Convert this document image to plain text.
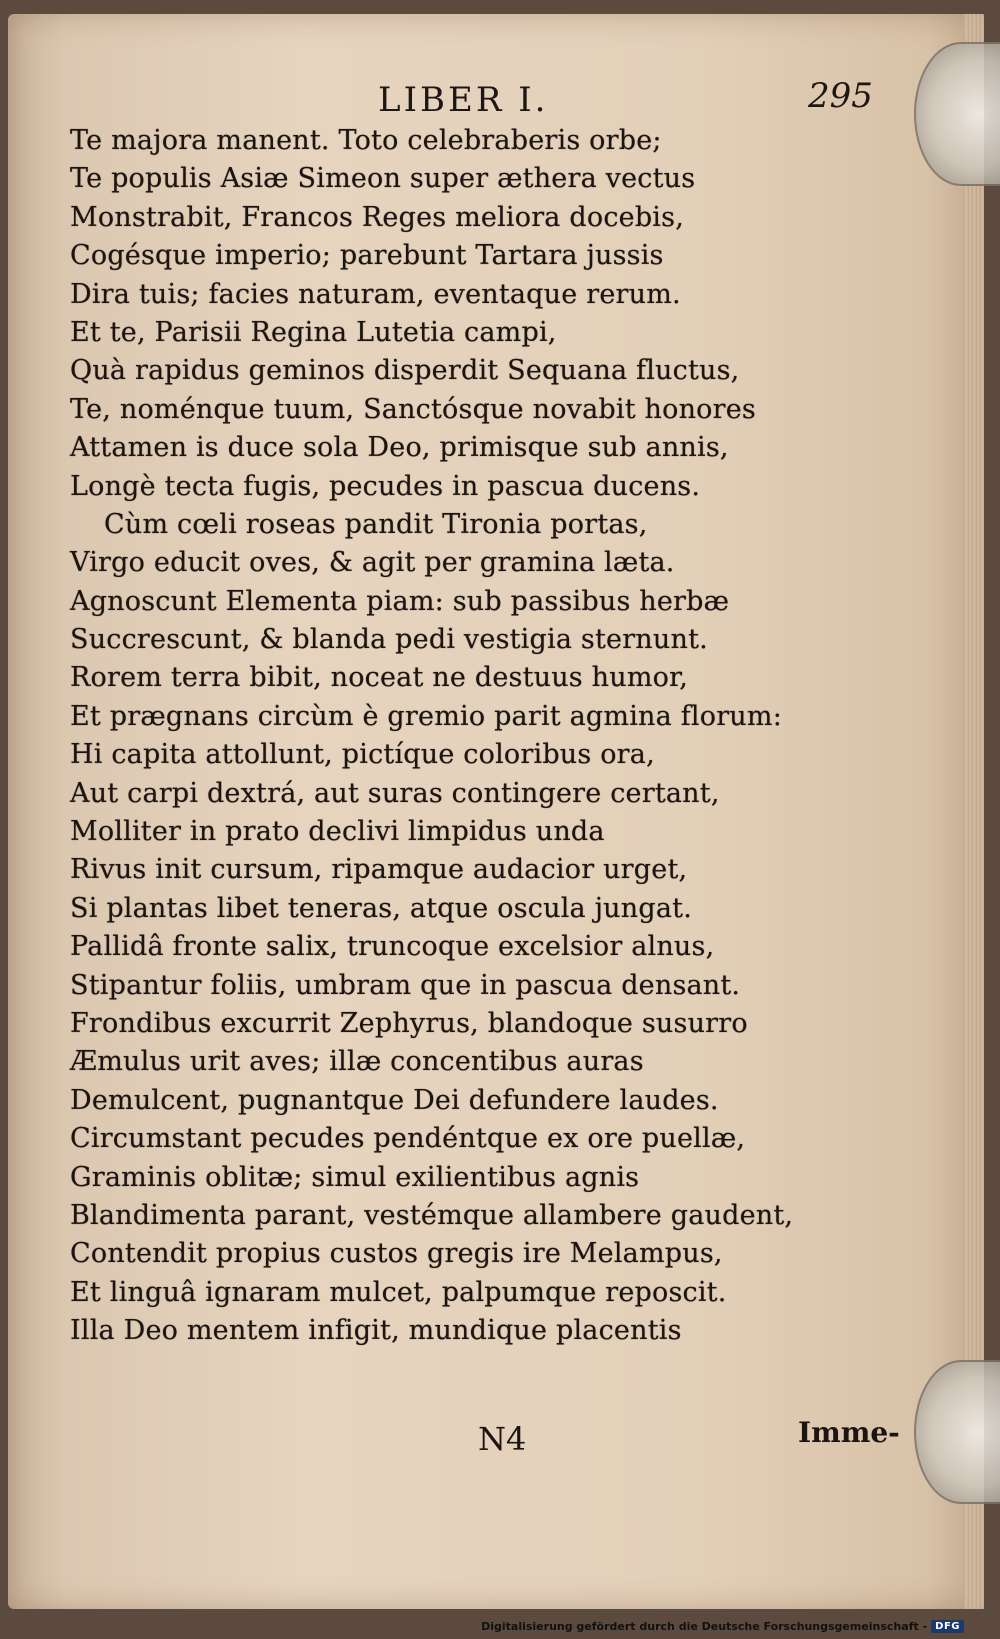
LIBER I.	295
Te majora manent. Toto celebraberis orbe;
Te populis Asiæ Simeon super æthera vectus
Monstrabit, Francos Reges meliora docebis,
Cogésque imperio; parebunt Tartara jussis
Dira tuis; facies naturam, eventaque rerum.
Et te, Parisii Regina Lutetia campi,
Quà rapidus geminos disperdit Sequana fluctus,
Te, noménque tuum, Sanctósque novabit honores
Attamen is duce sola Deo, primisque sub annis,
Longè tecta fugis, pecudes in pascua ducens.
Cùm cœli roseas pandit Tironia portas,
Virgo educit oves, & agit per gramina læta.
Agnoscunt Elementa piam: sub passibus herbæ
Succrescunt, & blanda pedi vestigia sternunt.
Rorem terra bibit, noceat ne destuus humor,
Et prægnans circùm è gremio parit agmina florum:
Hi capita attollunt, pictíque coloribus ora,
Aut carpi dextrá, aut suras contingere certant,
Molliter in prato declivi limpidus unda
Rivus init cursum, ripamque audacior urget,
Si plantas libet teneras, atque oscula jungat.
Pallidâ fronte salix, truncoque excelsior alnus,
Stipantur foliis, umbram que in pascua densant.
Frondibus excurrit Zephyrus, blandoque susurro
Æmulus urit aves; illæ concentibus auras
Demulcent, pugnantque Dei defundere laudes.
Circumstant pecudes pendéntque ex ore puellæ,
Graminis oblitæ; simul exilientibus agnis
Blandimenta parant, vestémque allambere gaudent,
Contendit propius custos gregis ire Melampus,
Et linguâ ignaram mulcet, palpumque reposcit.
Illa Deo mentem infigit, mundique placentis
N4	Imme-
Digitalisierung gefördert durch die Deutsche Forschungsgemeinschaft - DFG
